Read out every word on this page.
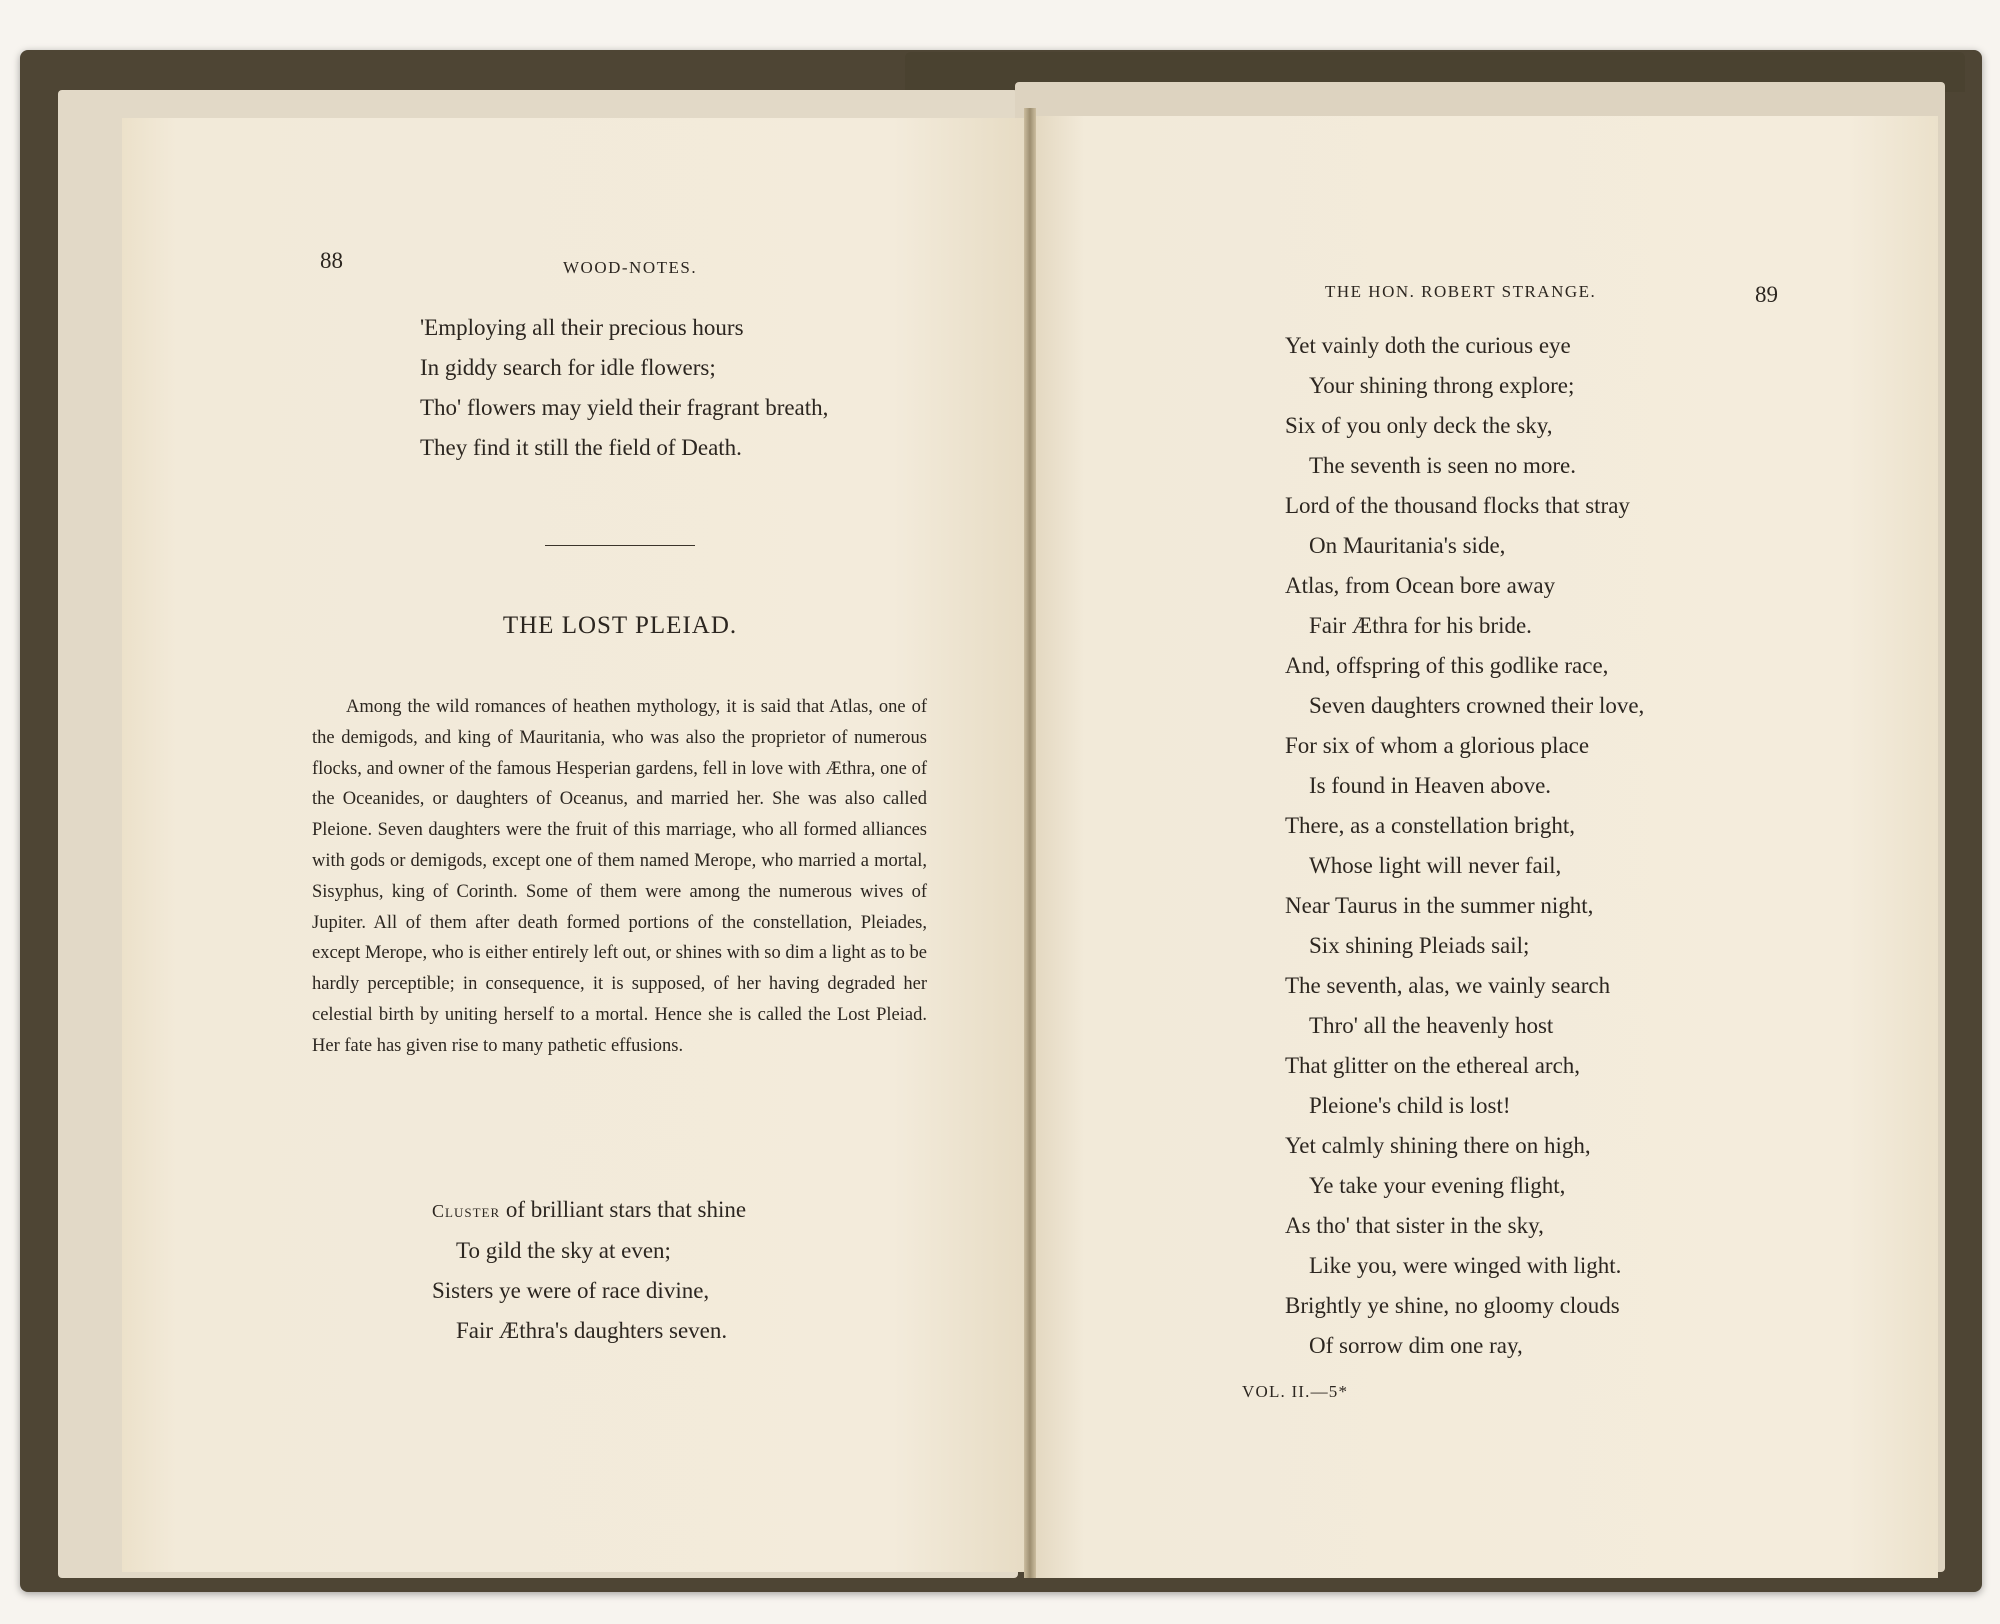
88	WOOD-NOTES.
'Employing all their precious hours
In giddy search for idle flowers;
Tho' flowers may yield their fragrant breath,
They find it still the field of Death.
THE LOST PLEIAD.

Among the wild romances of heathen mythology, it is said that Atlas, one of the demigods, and king of Mauritania, who was also the proprietor of numerous flocks, and owner of the famous Hesperian gardens, fell in love with Æthra, one of the Oceanides, or daughters of Oceanus, and married her. She was also called Pleione. Seven daughters were the fruit of this marriage, who all formed alliances with gods or demigods, except one of them named Merope, who married a mortal, Sisyphus, king of Corinth. Some of them were among the numerous wives of Jupiter. All of them after death formed portions of the constellation, Pleiades, except Merope, who is either entirely left out, or shines with so dim a light as to be hardly perceptible; in consequence, it is supposed, of her having degraded her celestial birth by uniting herself to a mortal. Hence she is called the Lost Pleiad. Her fate has given rise to many pathetic effusions.

Cluster of brilliant stars that shine
To gild the sky at even;
Sisters ye were of race divine,
Fair Æthra's daughters seven.
THE HON. ROBERT STRANGE.	89
Yet vainly doth the curious eye
Your shining throng explore;
Six of you only deck the sky,
The seventh is seen no more.
Lord of the thousand flocks that stray
On Mauritania's side,
Atlas, from Ocean bore away
Fair Æthra for his bride.
And, offspring of this godlike race,
Seven daughters crowned their love,
For six of whom a glorious place
Is found in Heaven above.
There, as a constellation bright,
Whose light will never fail,
Near Taurus in the summer night,
Six shining Pleiads sail;
The seventh, alas, we vainly search
Thro' all the heavenly host
That glitter on the ethereal arch,
Pleione's child is lost!
Yet calmly shining there on high,
Ye take your evening flight,
As tho' that sister in the sky,
Like you, were winged with light.
Brightly ye shine, no gloomy clouds
Of sorrow dim one ray,
VOL. II.—5*
